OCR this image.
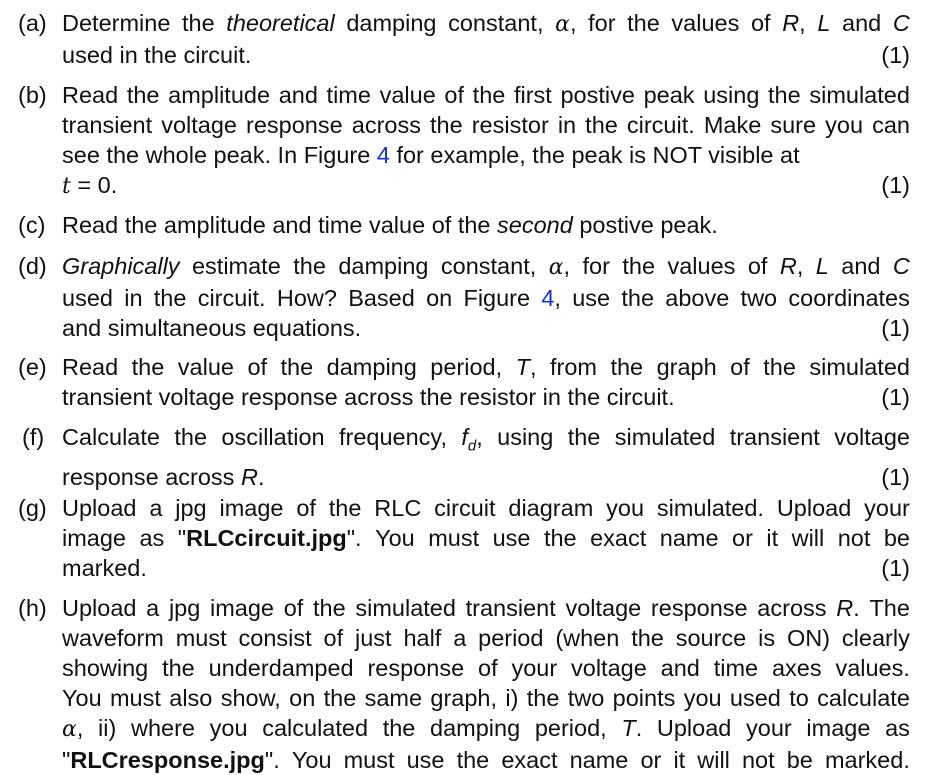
(a) Determine the theoretical damping constant, α, for the values of R, L and C
used in the circuit.	(1)
(b) Read the amplitude and time value of the first postive peak using the simulated
transient voltage response across the resistor in the circuit. Make sure you can
see the whole peak. In Figure 4 for example, the peak is NOT visible at
t = 0.	(1)
(c) Read the amplitude and time value of the second postive peak.
(d) Graphically estimate the damping constant, α, for the values of R, L and C
used in the circuit. How? Based on Figure 4, use the above two coordinates
and simultaneous equations.	(1)
(e) Read the value of the damping period, T, from the graph of the simulated
transient voltage response across the resistor in the circuit.	(1)
(f) Calculate the oscillation frequency, $f_d$, using the simulated transient voltage
response across R.	(1)
(g) Upload a jpg image of the RLC circuit diagram you simulated. Upload your
image as "RLCcircuit.jpg". You must use the exact name or it will not be
marked.	(1)
(h) Upload a jpg image of the simulated transient voltage response across R. The
waveform must consist of just half a period (when the source is ON) clearly
showing the underdamped response of your voltage and time axes values.
You must also show, on the same graph, i) the two points you used to calculate
α, ii) where you calculated the damping period, T. Upload your image as
"RLCresponse.jpg". You must use the exact name or it will not be marked.
